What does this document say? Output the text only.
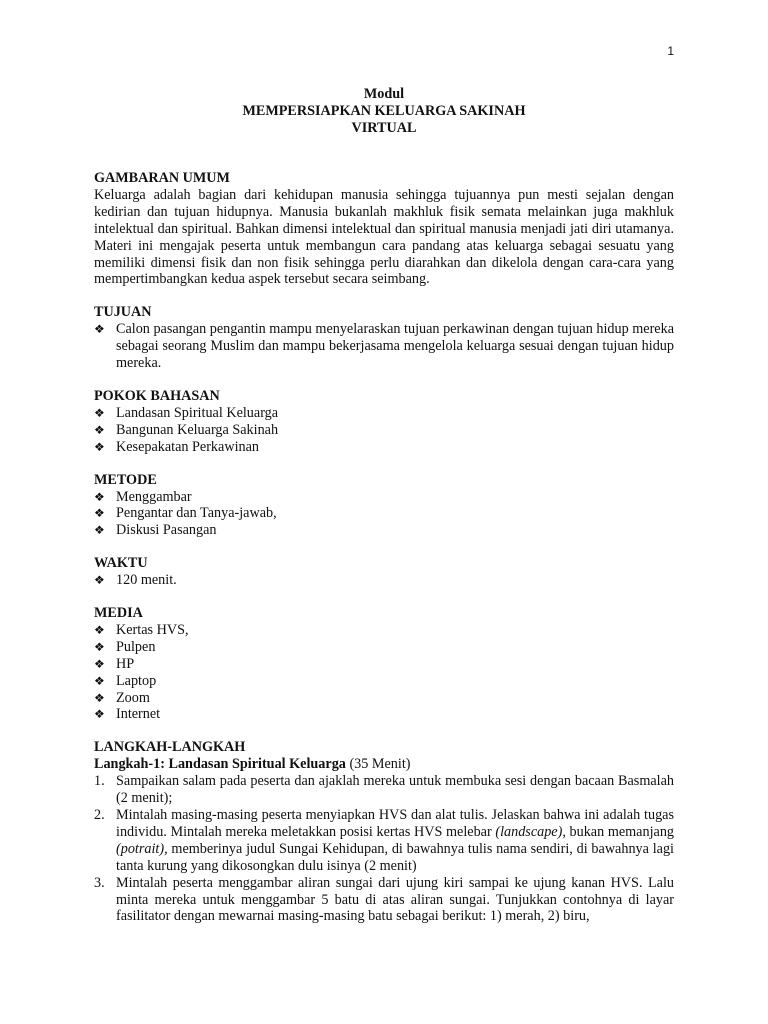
1
Modul
MEMPERSIAPKAN KELUARGA SAKINAH
VIRTUAL
GAMBARAN UMUM
Keluarga adalah bagian dari kehidupan manusia sehingga tujuannya pun mesti sejalan dengan kedirian dan tujuan hidupnya. Manusia bukanlah makhluk fisik semata melainkan juga makhluk intelektual dan spiritual. Bahkan dimensi intelektual dan spiritual manusia menjadi jati diri utamanya. Materi ini mengajak peserta untuk membangun cara pandang atas keluarga sebagai sesuatu yang memiliki dimensi fisik dan non fisik sehingga perlu diarahkan dan dikelola dengan cara-cara yang mempertimbangkan kedua aspek tersebut secara seimbang.
TUJUAN
❖ Calon pasangan pengantin mampu menyelaraskan tujuan perkawinan dengan tujuan hidup mereka sebagai seorang Muslim dan mampu bekerjasama mengelola keluarga sesuai dengan tujuan hidup mereka.
POKOK BAHASAN
❖ Landasan Spiritual Keluarga
❖ Bangunan Keluarga Sakinah
❖ Kesepakatan Perkawinan
METODE
❖ Menggambar
❖ Pengantar dan Tanya-jawab,
❖ Diskusi Pasangan
WAKTU
❖ 120 menit.
MEDIA
❖ Kertas HVS,
❖ Pulpen
❖ HP
❖ Laptop
❖ Zoom
❖ Internet
LANGKAH-LANGKAH
Langkah-1: Landasan Spiritual Keluarga (35 Menit)
1. Sampaikan salam pada peserta dan ajaklah mereka untuk membuka sesi dengan bacaan Basmalah (2 menit);
2. Mintalah masing-masing peserta menyiapkan HVS dan alat tulis. Jelaskan bahwa ini adalah tugas individu. Mintalah mereka meletakkan posisi kertas HVS melebar (landscape), bukan memanjang (potrait), memberinya judul Sungai Kehidupan, di bawahnya tulis nama sendiri, di bawahnya lagi tanta kurung yang dikosongkan dulu isinya (2 menit)
3. Mintalah peserta menggambar aliran sungai dari ujung kiri sampai ke ujung kanan HVS. Lalu minta mereka untuk menggambar 5 batu di atas aliran sungai. Tunjukkan contohnya di layar fasilitator dengan mewarnai masing-masing batu sebagai berikut: 1) merah, 2) biru,
